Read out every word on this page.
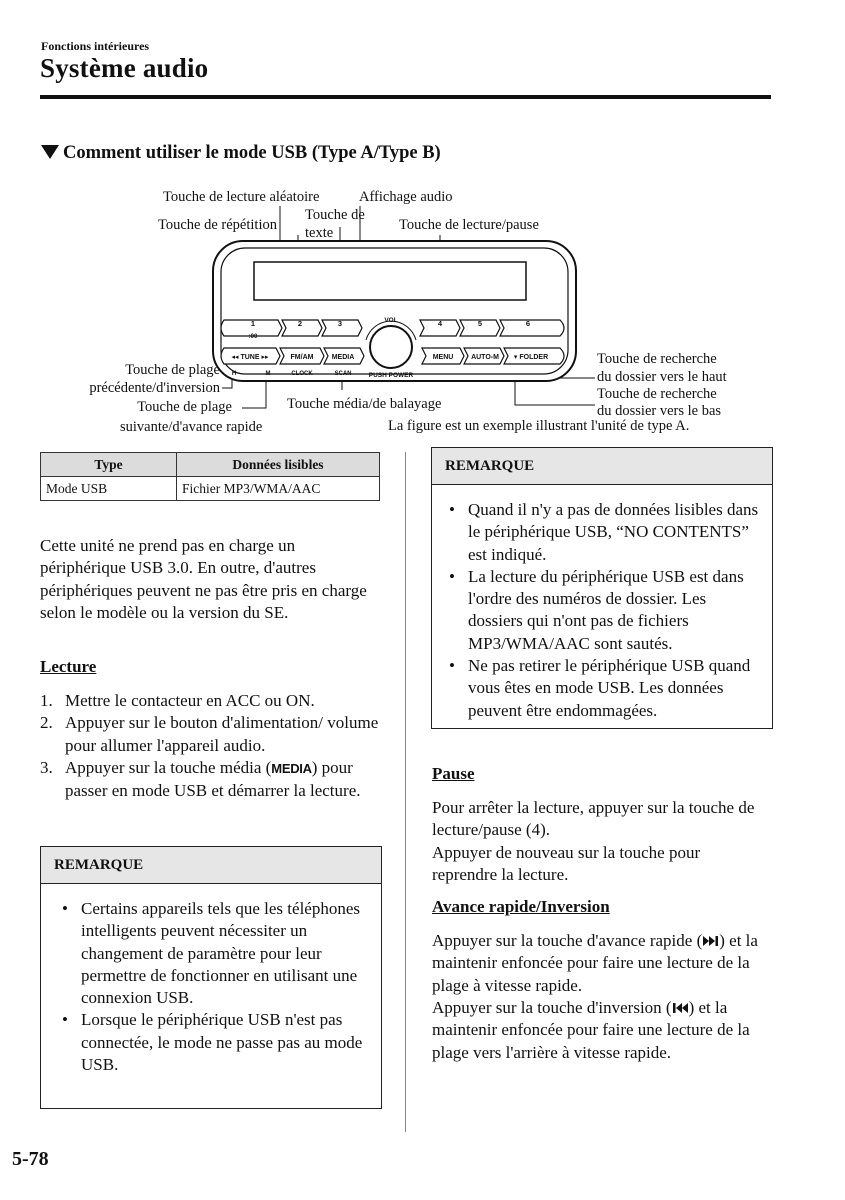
Fonctions intérieures
Système audio
Comment utiliser le mode USB (Type A/Type B)
1	2	3	4	5	6
:00
◂◂ TUNE ▸▸	FM/AM	MEDIA	MENU	AUTO-M ▾ FOLDER
H	M	CLOCK	SCAN	PUSH POWER
VOL
Touche de lecture aléatoire	Affichage audio
Touche de répétition
Touche de
texte	Touche de lecture/pause
Touche de plage
précédente/d'inversion
Touche de plage
suivante/d'avance rapide
Touche média/de balayage
Touche de recherche
du dossier vers le haut
Touche de recherche
du dossier vers le bas
La figure est un exemple illustrant l'unité de type A.
Type	Données lisibles
Mode USB	Fichier MP3/WMA/AAC
Cette unité ne prend pas en charge un périphérique USB 3.0. En outre, d'autres périphériques peuvent ne pas être pris en charge selon le modèle ou la version du SE.
Lecture
1. Mettre le contacteur en ACC ou ON.
2. Appuyer sur le bouton d'alimentation/ volume pour allumer l'appareil audio.
3. Appuyer sur la touche média (MEDIA) pour passer en mode USB et démarrer la lecture.
REMARQUE
• Certains appareils tels que les téléphones intelligents peuvent nécessiter un changement de paramètre pour leur permettre de fonctionner en utilisant une connexion USB.
• Lorsque le périphérique USB n'est pas connectée, le mode ne passe pas au mode USB.
REMARQUE
• Quand il n'y a pas de données lisibles dans le périphérique USB, “NO CONTENTS” est indiqué.
• La lecture du périphérique USB est dans l'ordre des numéros de dossier. Les dossiers qui n'ont pas de fichiers MP3/WMA/AAC sont sautés.
• Ne pas retirer le périphérique USB quand vous êtes en mode USB. Les données peuvent être endommagées.
Pause
Pour arrêter la lecture, appuyer sur la touche de lecture/pause (4).
Appuyer de nouveau sur la touche pour reprendre la lecture.
Avance rapide/Inversion
Appuyer sur la touche d'avance rapide ( ) et la maintenir enfoncée pour faire une lecture de la plage à vitesse rapide.
Appuyer sur la touche d'inversion ( ) et la maintenir enfoncée pour faire une lecture de la plage vers l'arrière à vitesse rapide.
5-78
